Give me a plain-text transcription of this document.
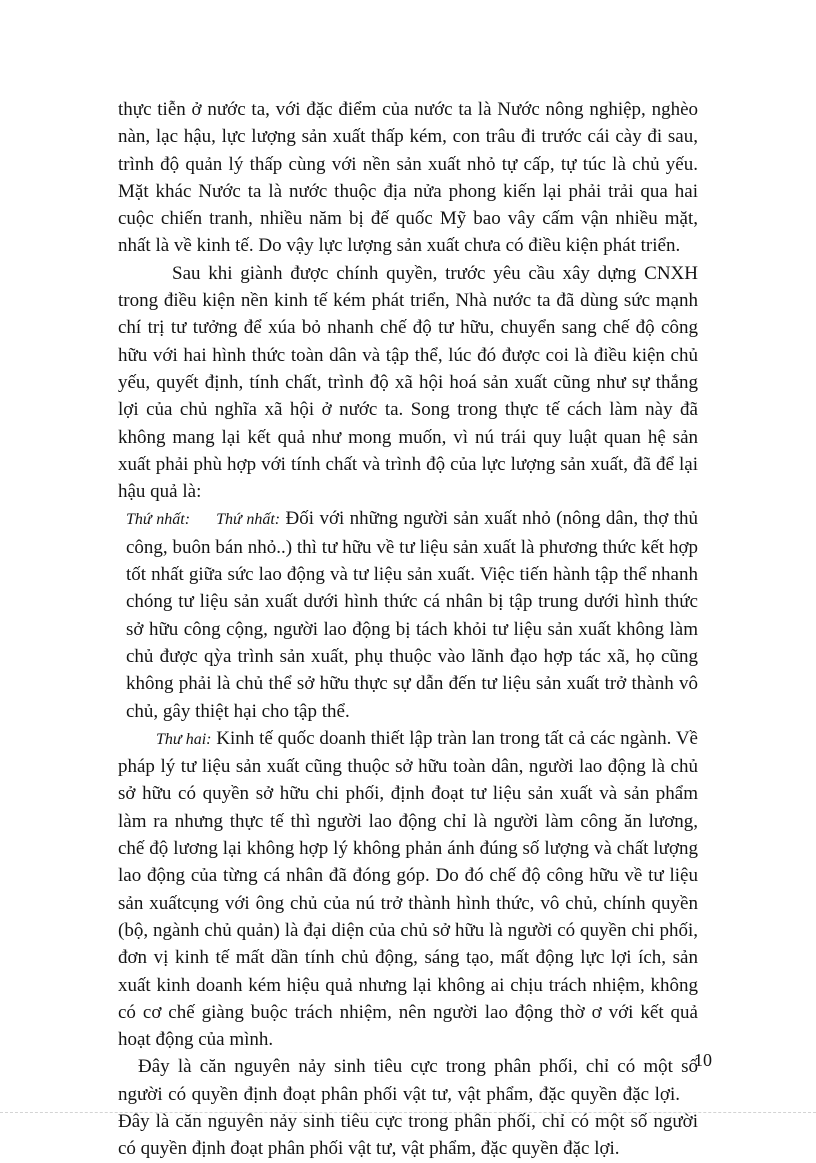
thực tiễn ở nước ta, với đặc điểm của nước ta là Nước nông nghiệp, nghèo nàn, lạc hậu, lực lượng sản xuất thấp kém, con trâu đi trước cái cày đi sau, trình độ quản lý thấp cùng với nền sản xuất nhỏ tự cấp, tự túc là chủ yếu. Mặt khác Nước ta là nước thuộc địa nửa phong kiến lại phải trải qua hai cuộc chiến tranh, nhiều năm bị đế quốc Mỹ bao vây cấm vận nhiều mặt, nhất là về kinh tế. Do vậy lực lượng sản xuất chưa có điều kiện phát triển.

Sau khi giành được chính quyền, trước yêu cầu xây dựng CNXH trong điều kiện nền kinh tế kém phát triển, Nhà nước ta đã dùng sức mạnh chí trị tư tưởng để xúa bỏ nhanh chế độ tư hữu, chuyển sang chế độ công hữu với hai hình thức toàn dân và tập thể, lúc đó được coi là điều kiện chủ yếu, quyết định, tính chất, trình độ xã hội hoá sản xuất cũng như sự thắng lợi của chủ nghĩa xã hội ở nước ta. Song trong thực tế cách làm này đã không mang lại kết quả như mong muốn, vì nú trái quy luật quan hệ sản xuất phải phù hợp với tính chất và trình độ của lực lượng sản xuất, đã để lại hậu quả là:

Thứ nhất: Thứ nhất: Đối với những người sản xuất nhỏ (nông dân, thợ thủ công, buôn bán nhỏ..) thì tư hữu về tư liệu sản xuất là phương thức kết hợp tốt nhất giữa sức lao động và tư liệu sản xuất. Việc tiến hành tập thể nhanh chóng tư liệu sản xuất dưới hình thức cá nhân bị tập trung dưới hình thức sở hữu công cộng, người lao động bị tách khỏi tư liệu sản xuất không làm chủ được qỳa trình sản xuất, phụ thuộc vào lãnh đạo hợp tác xã, họ cũng không phải là chủ thể sở hữu thực sự dẫn đến tư liệu sản xuất trở thành vô chủ, gây thiệt hại cho tập thể.

Thư hai: Kinh tế quốc doanh thiết lập tràn lan trong tất cả các ngành. Về pháp lý tư liệu sản xuất cũng thuộc sở hữu toàn dân, người lao động là chủ sở hữu có quyền sở hữu chi phối, định đoạt tư liệu sản xuất và sản phẩm làm ra nhưng thực tế thì người lao động chỉ là người làm công ăn lương, chế độ lương lại không hợp lý không phản ánh đúng số lượng và chất lượng lao động của từng cá nhân đã đóng góp. Do đó chế độ công hữu về tư liệu sản xuấtcụng với ông chủ của nú trở thành hình thức, vô chủ, chính quyền (bộ, ngành chủ quản) là đại diện của chủ sở hữu là người có quyền chi phối, đơn vị kinh tế mất dần tính chủ động, sáng tạo, mất động lực lợi ích, sản xuất kinh doanh kém hiệu quả nhưng lại không ai chịu trách nhiệm, không có cơ chế giàng buộc trách nhiệm, nên người lao động thờ ơ với kết quả hoạt động của mình.

Đây là căn nguyên nảy sinh tiêu cực trong phân phối, chỉ có một số người có quyền định đoạt phân phối vật tư, vật phẩm, đặc quyền đặc lợi. Đây là căn nguyên nảy sinh tiêu cực trong phân phối, chỉ có một số người có quyền định đoạt phân phối vật tư, vật phẩm, đặc quyền đặc lợi.

10
